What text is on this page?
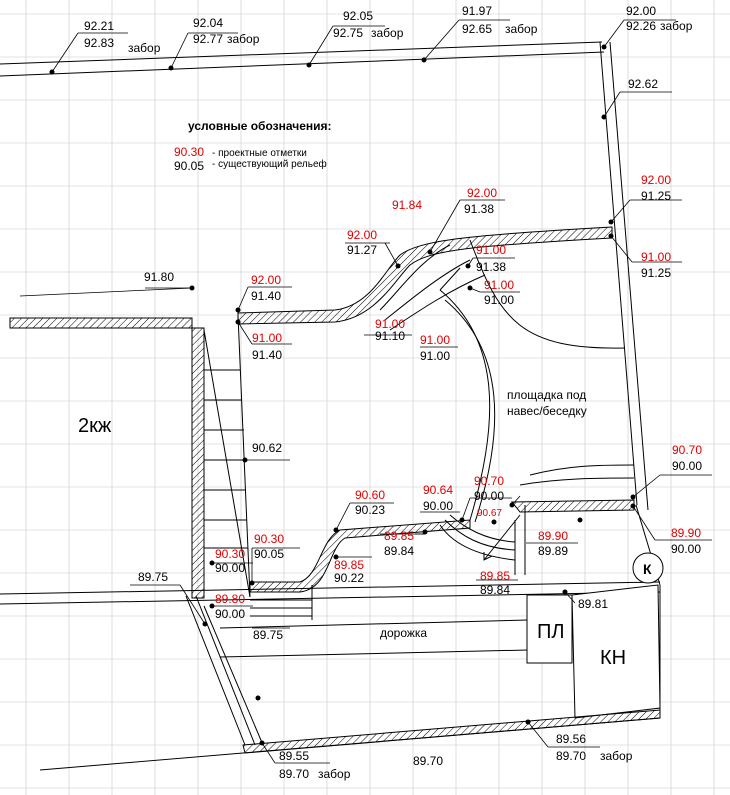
92.21
92.83 забор
92.04
92.77 забор
92.05
92.75 забор
91.97
92.65 забор
92.00
92.26 забор
92.62
условные обозначения:
90.30 - проектные отметки
90.05 - существующий рельеф
91.80
2кж
90.62
площадка под
навес/беседку
92.00
91.38
91.84
92.00
91.27	91.00
91.38
91.00
91.00
92.00
91.25
91.00
91.25
92.00
91.40
91.00
91.40
91.00
91.10 91.00
91.00
90.70
90.00
90.70
90.00
90.64
90.00
90.67
90.60
90.23
89.85
89.84
89.90
89.89
89.90
90.00
90.30
90.05
89.85
90.22
90.30
90.00
89.80
90.00
89.85
89.84
89.75
89.75
89.81
дорожка	ПЛ
КН
К
89.55
89.70 забор
89.70
89.56
89.70 забор
